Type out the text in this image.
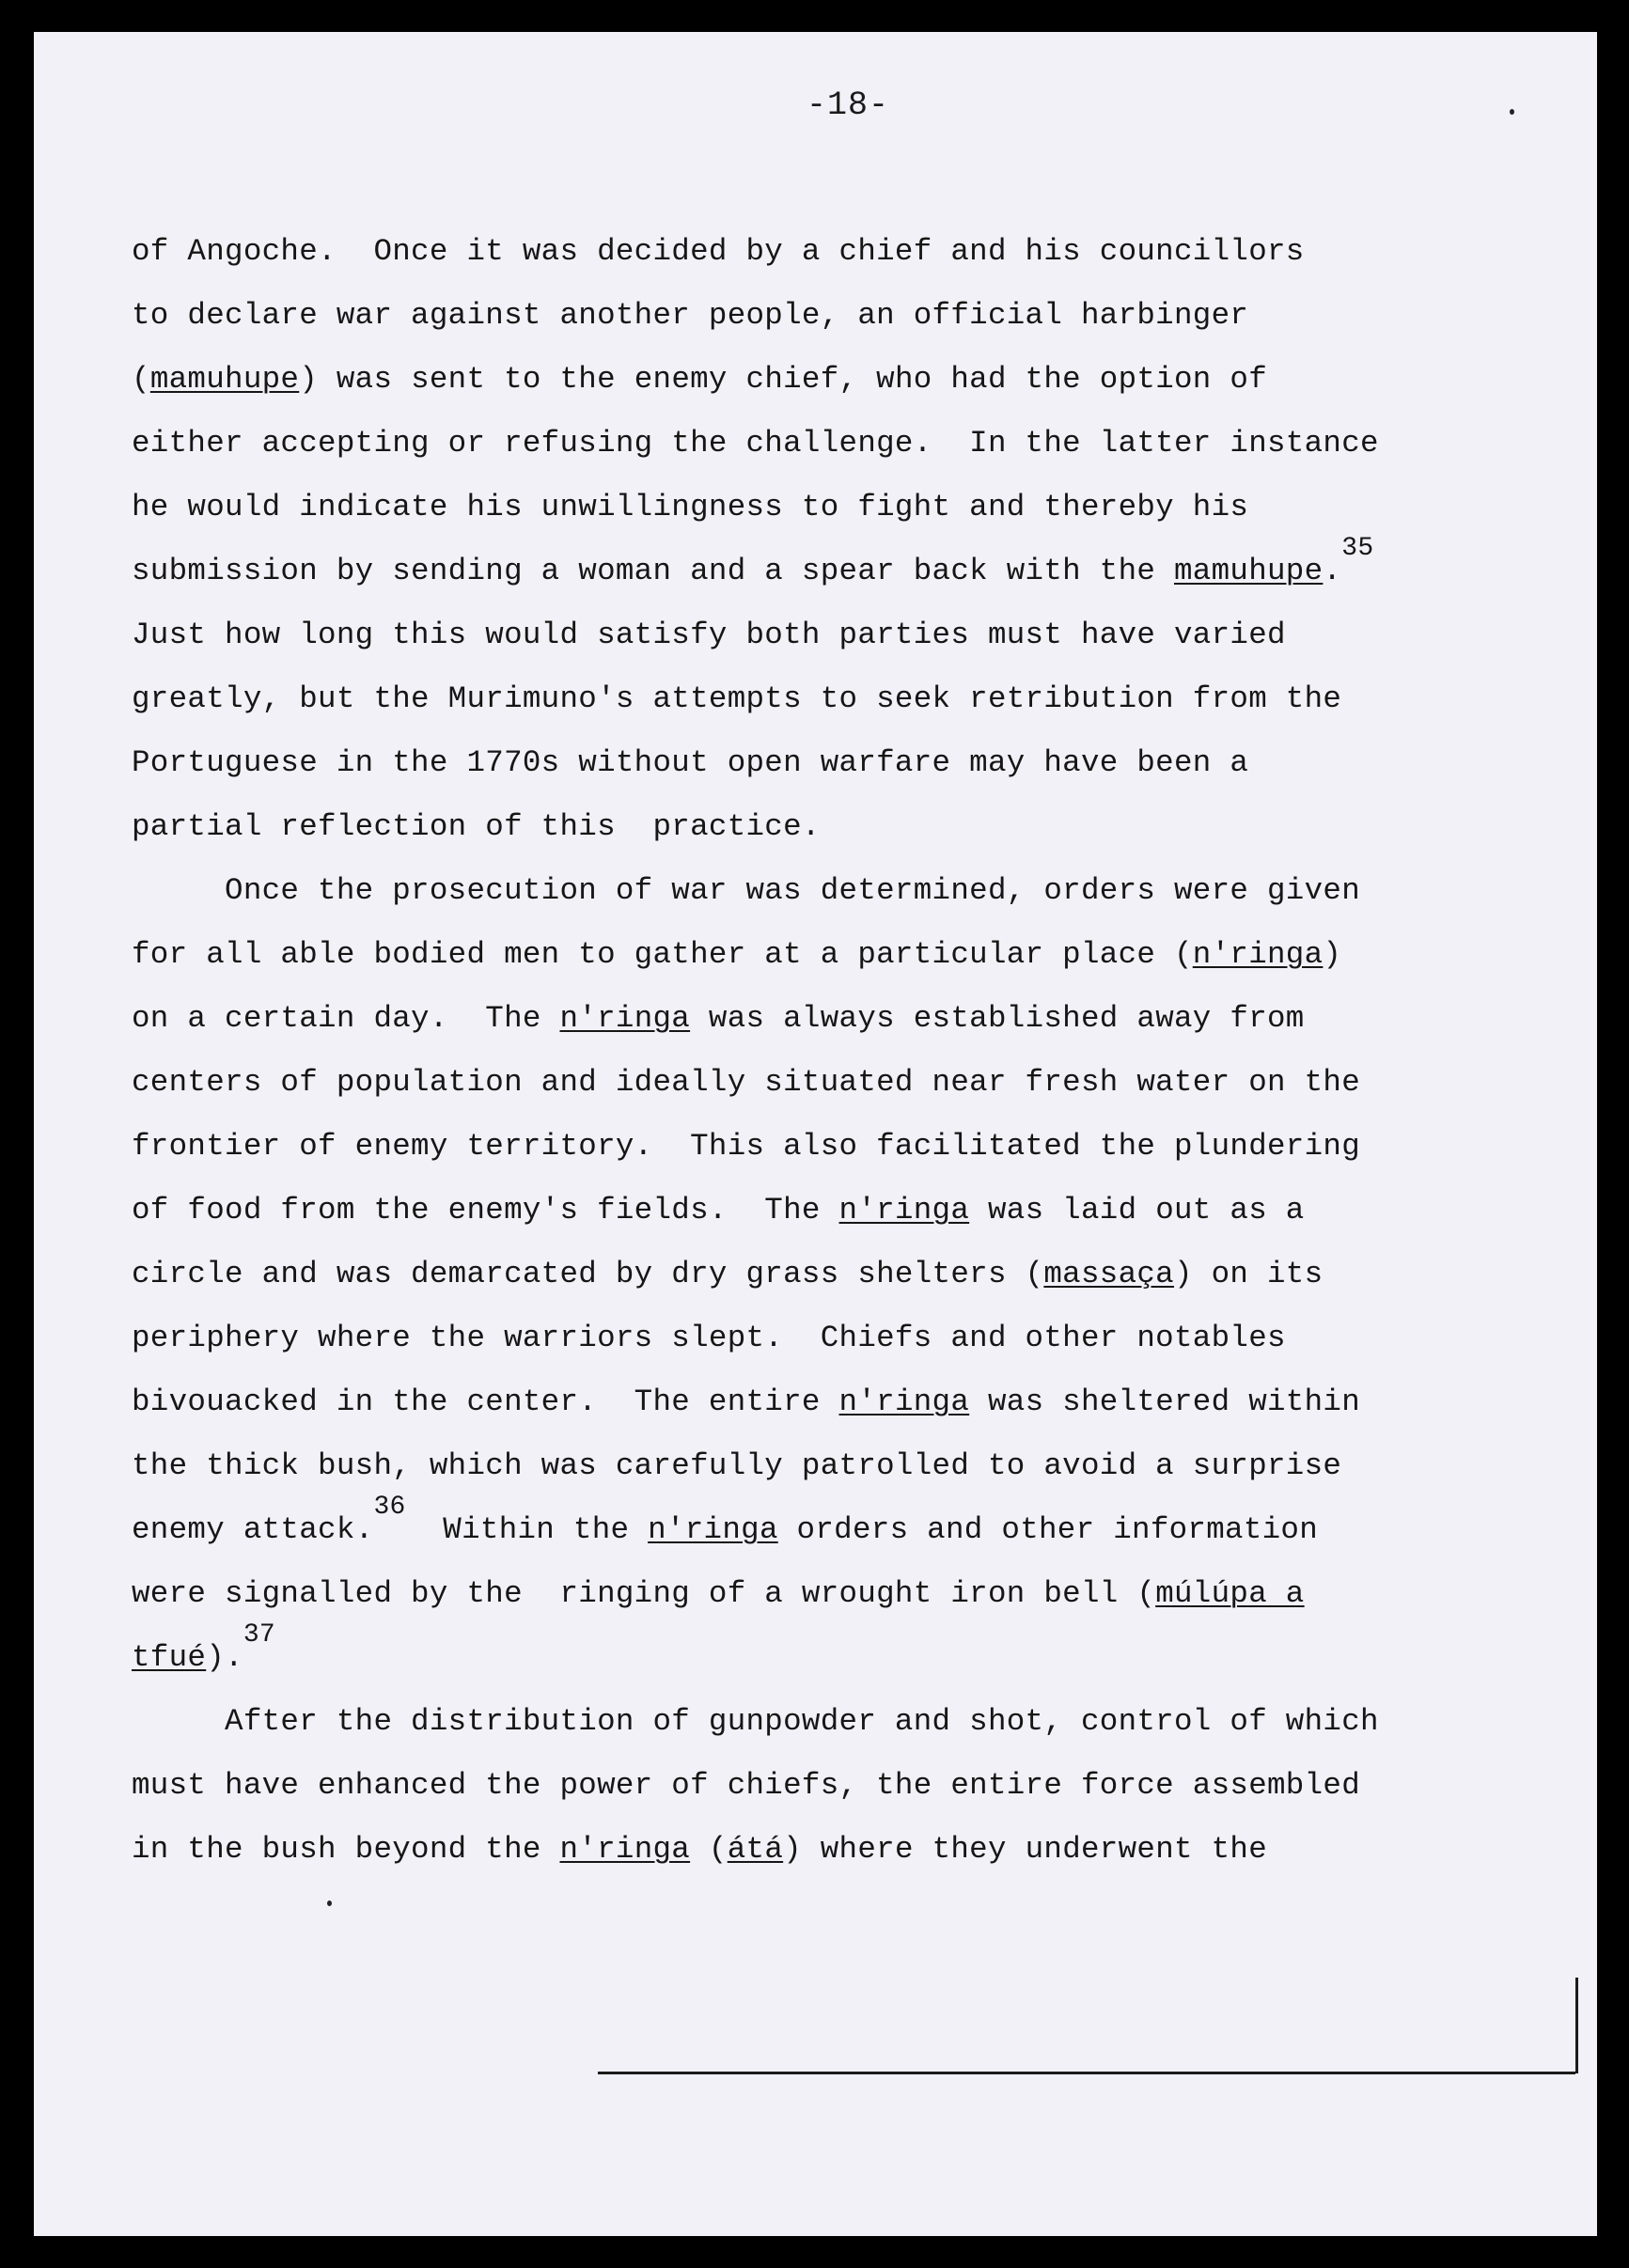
-18-
of Angoche.  Once it was decided by a chief and his councillors
to declare war against another people, an official harbinger
(mamuhupe) was sent to the enemy chief, who had the option of
either accepting or refusing the challenge.  In the latter instance
he would indicate his unwillingness to fight and thereby his
submission by sending a woman and a spear back with the mamuhupe.35
Just how long this would satisfy both parties must have varied
greatly, but the Murimuno's attempts to seek retribution from the
Portuguese in the 1770s without open warfare may have been a
partial reflection of this  practice.
Once the prosecution of war was determined, orders were given
for all able bodied men to gather at a particular place (n'ringa)
on a certain day.  The n'ringa was always established away from
centers of population and ideally situated near fresh water on the
frontier of enemy territory.  This also facilitated the plundering
of food from the enemy's fields.  The n'ringa was laid out as a
circle and was demarcated by dry grass shelters (massaça) on its
periphery where the warriors slept.  Chiefs and other notables
bivouacked in the center.  The entire n'ringa was sheltered within
the thick bush, which was carefully patrolled to avoid a surprise
enemy attack.36  Within the n'ringa orders and other information
were signalled by the  ringing of a wrought iron bell (múlúpa a
tfué).37
After the distribution of gunpowder and shot, control of which
must have enhanced the power of chiefs, the entire force assembled
in the bush beyond the n'ringa (átá) where they underwent the
